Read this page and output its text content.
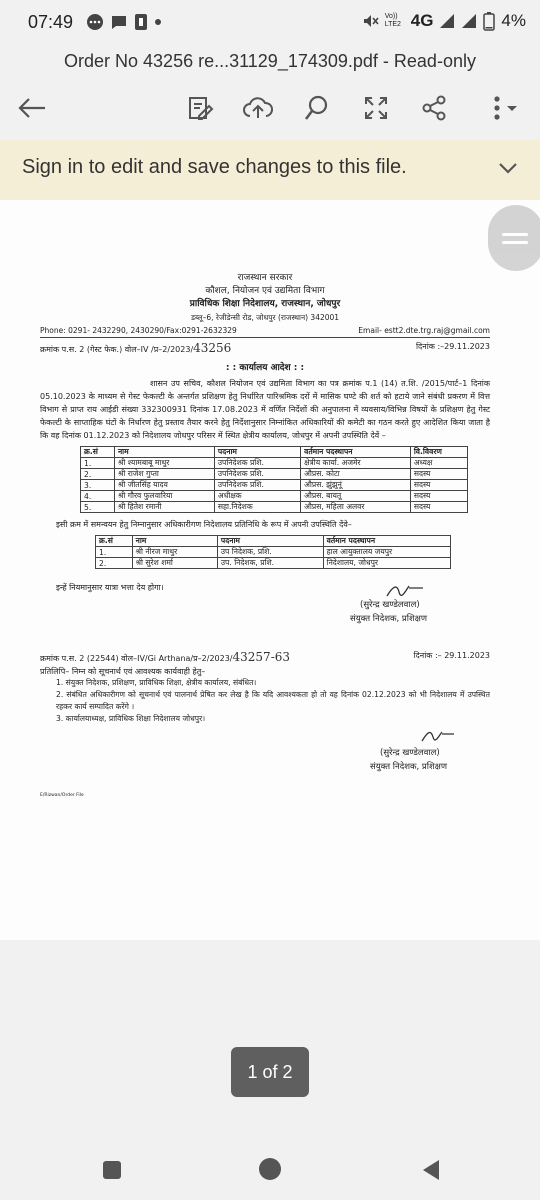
07:49	Vo)) LTE2 4G	4%
Order No 43256 re...31129_174309.pdf - Read-only
Sign in to edit and save changes to this file.
राजस्थान सरकार
कौशल, नियोजन एवं उद्यमिता विभाग
प्राविधिक शिक्षा निदेशालय, राजस्थान, जोधपुर
डब्लू–6, रेजीडेन्सी रोड, जोधपुर (राजस्थान) 342001
Phone: 0291- 2432290, 2430290/Fax:0291-2632329	Email- estt2.dte.trg.raj@gmail.com
क्रमांक प.स. 2 (गेस्ट फेक.) वोल–IV /प्र–2/2023/43256	दिनांक :–29.11.2023
: : कार्यालय आदेश : :
शासन उप सचिव, कौशल नियोजन एवं उद्यमिता विभाग का पत्र क्रमांक प.1 (14) त.शि. /2015/पार्ट–1 दिनांक 05.10.2023 के माध्यम से गेस्ट फेकल्टी के अन्तर्गत प्रशिक्षण हेतु निर्धारित पारिश्रमिक दरों में मासिक घण्टे की शर्त को हटाये जाने संबंधी प्रकरण में वित्त विभाग से प्राप्त राय आईडी संख्या 332300931 दिनांक 17.08.2023 में वर्णित निर्देशों की अनुपालना में व्यवसाय/विभिन्न विषयों के प्रशिक्षण हेतु गेस्ट फेकल्टी के साप्ताहिक घंटों के निर्धारण हेतु प्रस्ताव तैयार करने हेतु निर्देशानुसार निम्नांकित अधिकारियों की कमेटी का गठन करते हुए आदेशित किया जाता है कि वह दिनांक 01.12.2023 को निदेशालय जोधपुर परिसर में स्थित क्षेत्रीय कार्यालय, जोधपुर में अपनी उपस्थिति देवें –
क्र.सं	नाम	पदनाम	वर्तमान पदस्थापन	वि.विवरण
1.	श्री श्यामबाबू माथुर	उपनिदेशक प्रशि.	क्षेत्रीय कार्या. अजमेर	अध्यक्ष
2.	श्री राजेश गुप्ता	उपनिदेशक प्रशि.	औप्रस. कोटा	सदस्य
3.	श्री जीतसिंह यादव	उपनिदेशक प्रशि.	औप्रस. झुंझुनूं	सदस्य
4.	श्री गौरव फुलवारिया	अधीक्षक	औप्रस. बायतू	सदस्य
5.	श्री हितेश रमानी	सहा.निदेशक	औप्रस, महिला अलवर	सदस्य
इसी क्रम में समन्वयन हेतु निम्नानुसार अधिकारीगण निदेशालय प्रतिनिधि के रूप में अपनी उपस्थिति देंवे–
क्र.सं	नाम	पदनाम	वर्तमान पदस्थापन
1.	श्री नीरज माथुर	उप निदेशक, प्रशि.	हाल आयुक्तालय जयपुर
2.	श्री सुरेश शर्मा	उप. निदेशक, प्रशि.	निदेशालय, जोधपुर
इन्हें नियमानुसार यात्रा भत्ता देय होगा।
(सुरेन्द्र खण्डेलवाल)
संयुक्त निदेशक, प्रशिक्षण
क्रमांक प.स. 2 (22544) वोल–IV/Gi Arthana/प्र–2/2023/43257-63	दिनांक :– 29.11.2023
प्रतिलिपि– निम्न को सूचनार्थ एवं आवश्यक कार्यवाही हेतु–
1. संयुक्त निदेशक, प्रशिक्षण, प्राविधिक शिक्षा, क्षेत्रीय कार्यालय, संबंधित।
2. संबंधित अधिकारीगण को सूचनार्थ एवं पालनार्थ प्रेषित कर लेख है कि यदि आवश्यकता हो तो वह दिनांक 02.12.2023 को भी निदेशालय में उपस्थित रहकर कार्य सम्पादित करेंगे ।
3. कार्यालयाध्यक्ष, प्राविधिक शिक्षा निदेशालय जोधपुर।
(सुरेन्द्र खण्डेलवाल)
संयुक्त निदेशक, प्रशिक्षण
E/Rizwan/Order File
1 of 2
